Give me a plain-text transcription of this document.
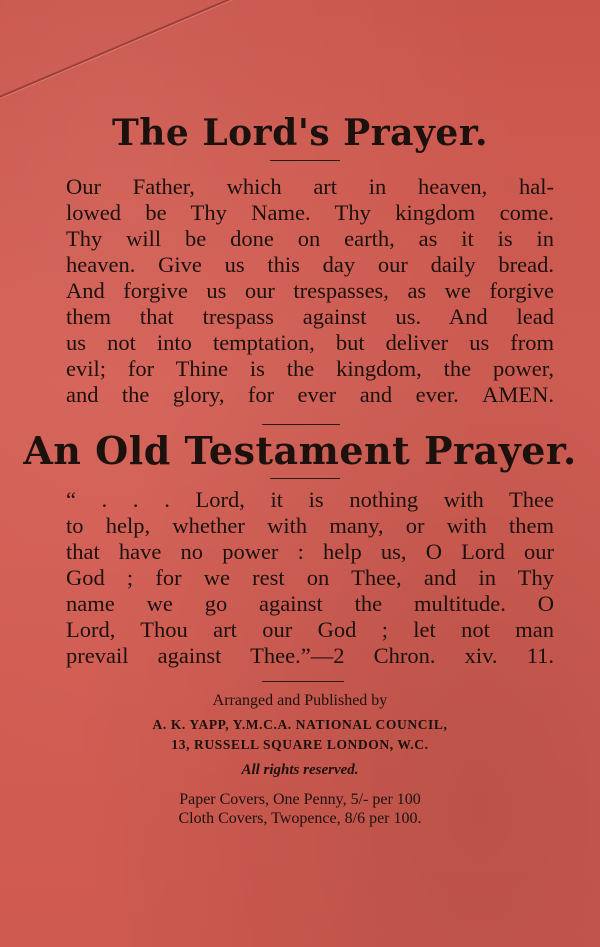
The Lord's Prayer.
Our Father, which art in heaven, hal-
lowed be Thy Name. Thy kingdom come.
Thy will be done on earth, as it is in
heaven. Give us this day our daily bread.
And forgive us our trespasses, as we forgive
them that trespass against us. And lead
us not into temptation, but deliver us from
evil; for Thine is the kingdom, the power,
and the glory, for ever and ever. AMEN.
An Old Testament Prayer.
“ . . . Lord, it is nothing with Thee
to help, whether with many, or with them
that have no power : help us, O Lord our
God ; for we rest on Thee, and in Thy
name we go against the multitude. O
Lord, Thou art our God ; let not man
prevail against Thee.”—2 Chron. xiv. 11.
Arranged and Published by
A. K. YAPP, Y.M.C.A. NATIONAL COUNCIL,
13, RUSSELL SQUARE LONDON, W.C.
All rights reserved.
Paper Covers, One Penny, 5/- per 100
Cloth Covers, Twopence, 8/6 per 100.
